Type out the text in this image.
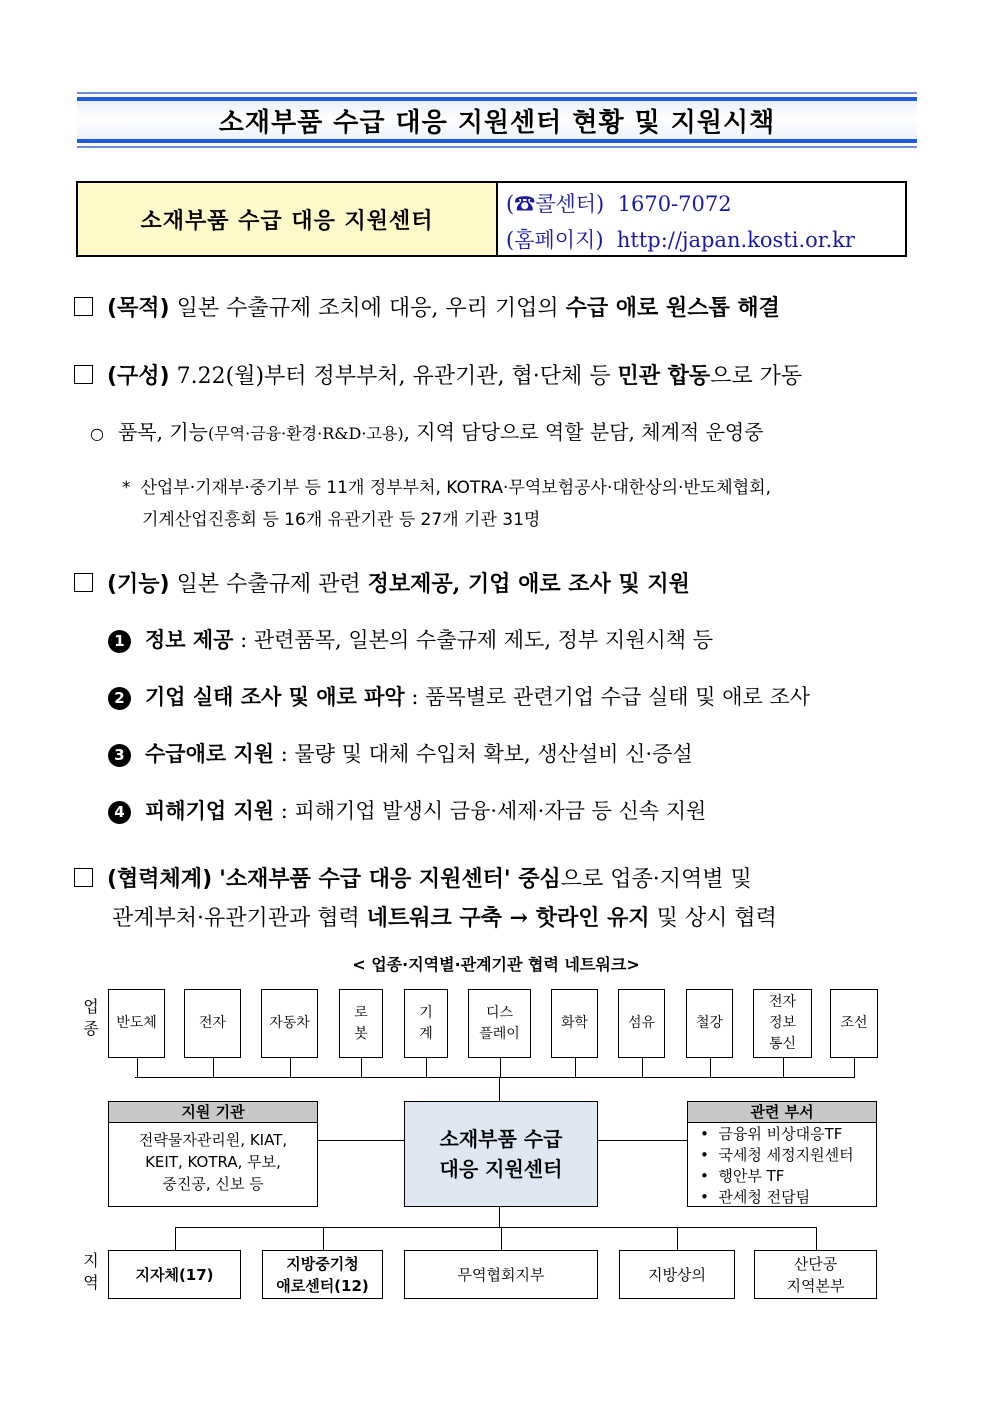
소재부품 수급 대응 지원센터 현황 및 지원시책
소재부품 수급 대응 지원센터
(☎콜센터) 1670-7072
(홈페이지) http://japan.kosti.or.kr
(목적) 일본 수출규제 조치에 대응, 우리 기업의 수급 애로 원스톱 해결
(구성) 7.22(월)부터 정부부처, 유관기관, 협·단체 등 민관 합동으로 가동
○ 품목, 기능(무역·금융·환경·R&D·고용), 지역 담당으로 역할 분담, 체계적 운영중
* 산업부·기재부·중기부 등 11개 정부부처, KOTRA·무역보험공사·대한상의·반도체협회,
기계산업진흥회 등 16개 유관기관 등 27개 기관 31명
(기능) 일본 수출규제 관련 정보제공, 기업 애로 조사 및 지원
1 정보 제공 : 관련품목, 일본의 수출규제 제도, 정부 지원시책 등
2 기업 실태 조사 및 애로 파악 : 품목별로 관련기업 수급 실태 및 애로 조사
3 수급애로 지원 : 물량 및 대체 수입처 확보, 생산설비 신·증설
4 피해기업 지원 : 피해기업 발생시 금융·세제·자금 등 신속 지원
(협력체계) '소재부품 수급 대응 지원센터' 중심으로 업종·지역별 및
관계부처·유관기관과 협력 네트워크 구축 → 핫라인 유지 및 상시 협력
< 업종·지역별·관계기관 협력 네트워크>
업
종
지
역
반도체	전자	자동차
로
봇
기
계
디스
플레이
화학	섬유	철강
전자
정보
통신
조선
소재부품 수급
대응 지원센터
지원 기관
전략물자관리원, KIAT,
KEIT, KOTRA, 무보,
중진공, 신보 등
관련 부서
•  금융위 비상대응TF
•  국세청 세정지원센터
•  행안부 TF
•  관세청 전담팀
지자체(17)
지방중기청
애로센터(12)
무역협회지부	지방상의
산단공
지역본부
